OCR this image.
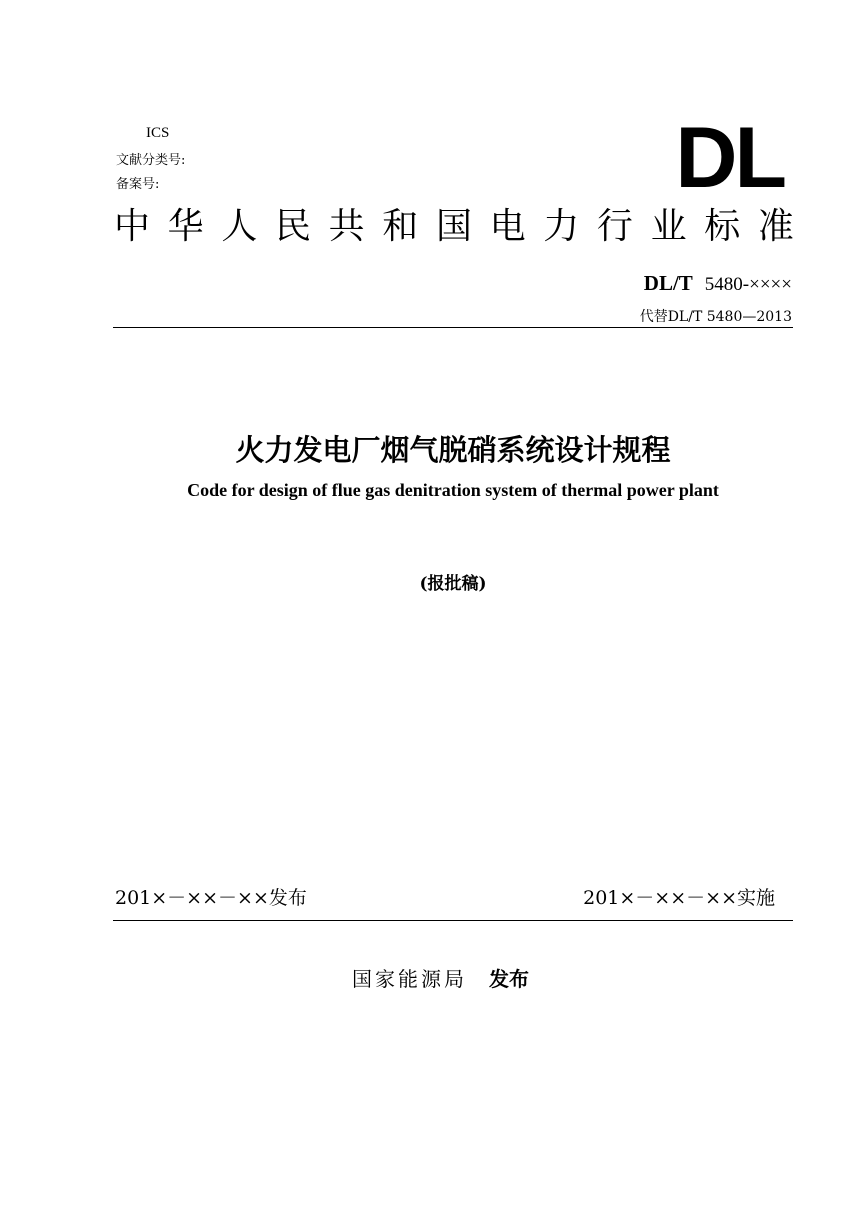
ICS
文献分类号:
备案号:	DL
中 华 人 民 共 和 国 电 力 行 业 标 准
DL/T 5480-××××
代替DL/T 5480—2013
火力发电厂烟气脱硝系统设计规程
Code for design of flue gas denitration system of thermal power plant
(报批稿)
201×－××－××发布	201×－××－××实施
国家能源局 发布
